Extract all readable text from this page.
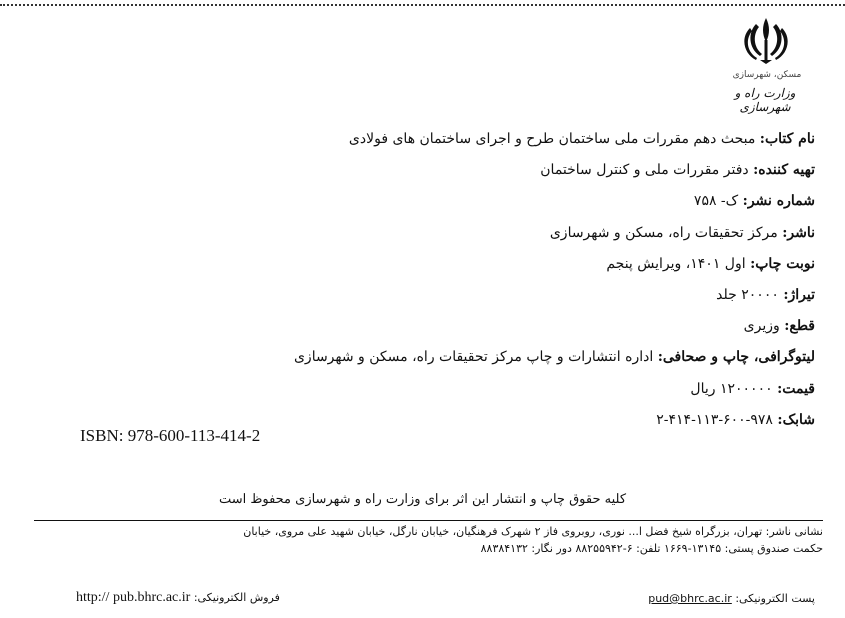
مسکن، شهرسازی
وزارت راه و شهرسازی
نام کتاب: مبحث دهم مقررات ملی ساختمان طرح و اجرای ساختمان های فولادی
تهیه کننده: دفتر مقررات ملی و کنترل ساختمان
شماره نشر: ک- ۷۵۸
ناشر: مرکز تحقیقات راه، مسکن و شهرسازی
نوبت چاپ: اول ۱۴۰۱، ویرایش پنجم
تیراژ: ۲۰۰۰۰ جلد
قطع: وزیری
لیتوگرافی، چاپ و صحافی: اداره انتشارات و چاپ مرکز تحقیقات راه، مسکن و شهرسازی
قیمت: ۱۲۰۰۰۰۰ ریال
شابک: ۹۷۸-۶۰۰-۱۱۳-۴۱۴-۲
ISBN: 978-600-113-414-2
کلیه حقوق چاپ و انتشار این اثر برای وزارت راه و شهرسازی محفوظ است
نشانی ناشر: تهران، بزرگراه شیخ فضل ا... نوری، روبروی فاز ۲ شهرک فرهنگیان، خیابان نارگل، خیابان شهید علی مروی، خیابان
حکمت صندوق پستی: ۱۳۱۴۵-۱۶۶۹ تلفن: ۶-۸۸۲۵۵۹۴۲ دور نگار: ۸۸۳۸۴۱۳۲
پست الکترونیکی: pud@bhrc.ac.ir
فروش الکترونیکی: http:// pub.bhrc.ac.ir
